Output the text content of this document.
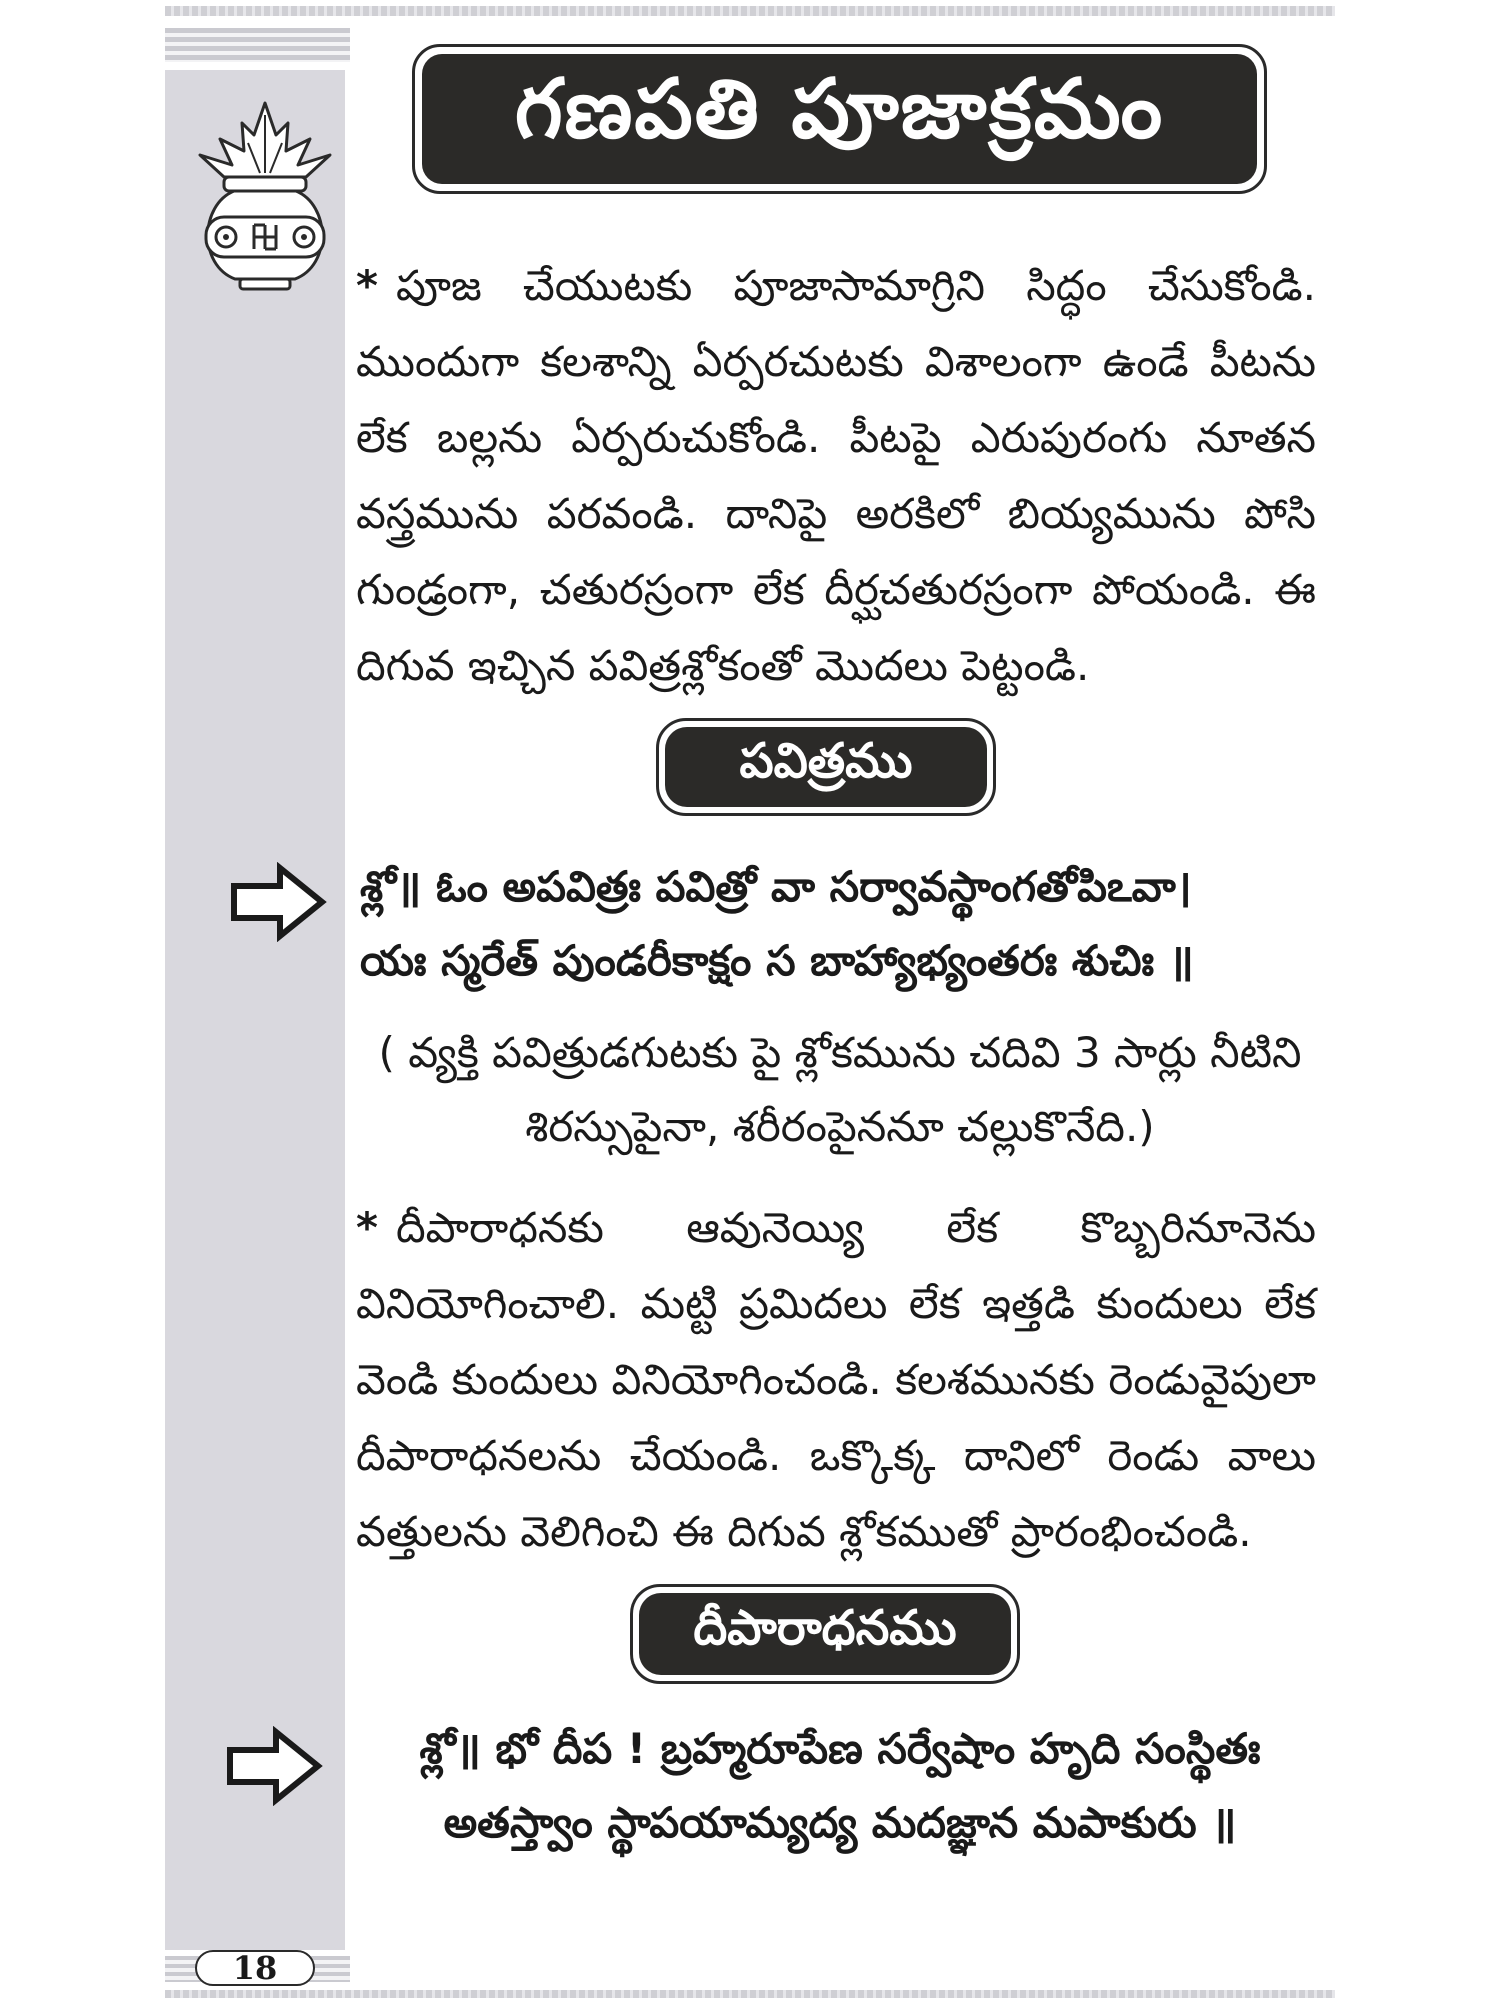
గణపతి పూజాక్రమం

* పూజ చేయుటకు పూజాసామాగ్రిని సిద్ధం చేసుకోండి. ముందుగా కలశాన్ని ఏర్పరచుటకు విశాలంగా ఉండే పీటను లేక బల్లను ఏర్పరుచుకోండి. పీటపై ఎరుపురంగు నూతన వస్త్రమును పరవండి. దానిపై అరకిలో బియ్యమును పోసి గుండ్రంగా, చతురస్రంగా లేక దీర్ఘచతురస్రంగా పోయండి. ఈ దిగువ ఇచ్చిన పవిత్రశ్లోకంతో మొదలు పెట్టండి.

పవిత్రము
శ్లో॥ ఓం అపవిత్రః పవిత్రో వా సర్వావస్థాంగతోపిఽవా।
యః స్మరేత్ పుండరీకాక్షం స బాహ్యాభ్యంతరః శుచిః ॥

( వ్యక్తి పవిత్రుడగుటకు పై శ్లోకమును చదివి 3 సార్లు నీటిని శిరస్సుపైనా, శరీరంపైననూ చల్లుకొనేది.)

* దీపారాధనకు ఆవునెయ్యి లేక కొబ్బరినూనెను వినియోగించాలి. మట్టి ప్రమిదలు లేక ఇత్తడి కుందులు లేక వెండి కుందులు వినియోగించండి. కలశమునకు రెండువైపులా దీపారాధనలను చేయండి. ఒక్కొక్క దానిలో రెండు వాలు వత్తులను వెలిగించి ఈ దిగువ శ్లోకముతో ప్రారంభించండి.

దీపారాధనము
శ్లో॥ భో దీప ! బ్రహ్మరూపేణ సర్వేషాం హృది సంస్థితః
అతస్త్వాం స్థాపయామ్యద్య మదజ్ఞాన మపాకురు ॥
18
